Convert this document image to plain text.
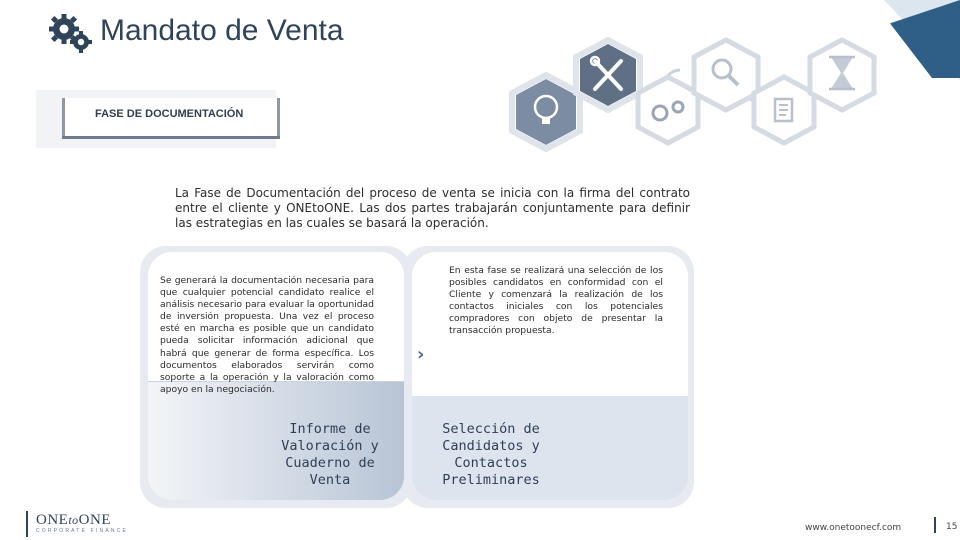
Mandato de Venta
FASE DE DOCUMENTACIÓN
La Fase de Documentación del proceso de venta se inicia con la firma del contrato entre el cliente y ONEtoONE. Las dos partes trabajarán conjuntamente para definir las estrategias en las cuales se basará la operación.
Se generará la documentación necesaria para que cualquier potencial candidato realice el análisis necesario para evaluar la oportunidad de inversión propuesta. Una vez el proceso esté en marcha es posible que un candidato pueda solicitar información adicional que habrá que generar de forma específica. Los documentos elaborados servirán como soporte a la operación y la valoración como apoyo en la negociación.
En esta fase se realizará una selección de los posibles candidatos en conformidad con el Cliente y comenzará la realización de los contactos iniciales con los potenciales compradores con objeto de presentar la transacción propuesta.
Informe de Valoración y Cuaderno de Venta
Selección de Candidatos y Contactos Preliminares
›
ONEtoONE
CORPORATE FINANCE	www.onetoonecf.com	15
